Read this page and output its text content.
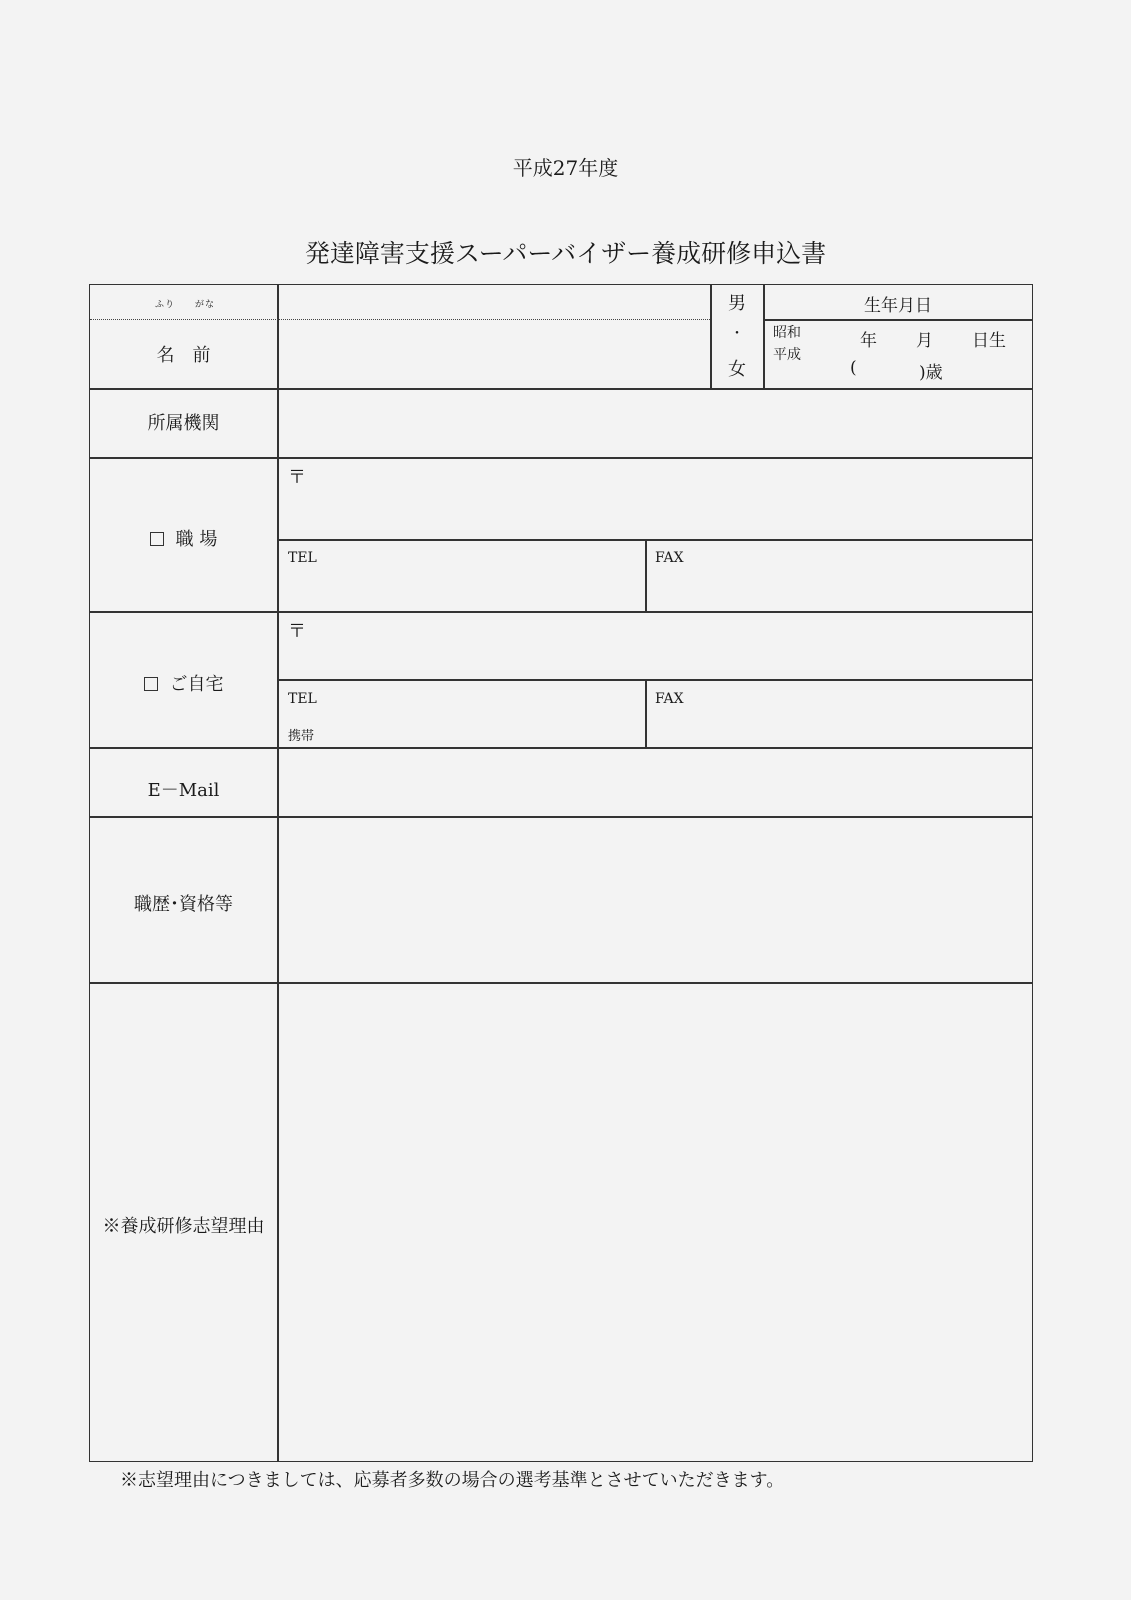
平成27年度
発達障害支援スーパーバイザー養成研修申込書
ふり　　がな
名　前
男
・
女
生年月日
昭和
平成
年 月 日生
(	)歳
所属機関
職 場
〒
TEL	FAX
ご自宅
〒
TEL
携帯
FAX
E－Mail
職歴･資格等
※養成研修志望理由
※志望理由につきましては、応募者多数の場合の選考基準とさせていただきます。
